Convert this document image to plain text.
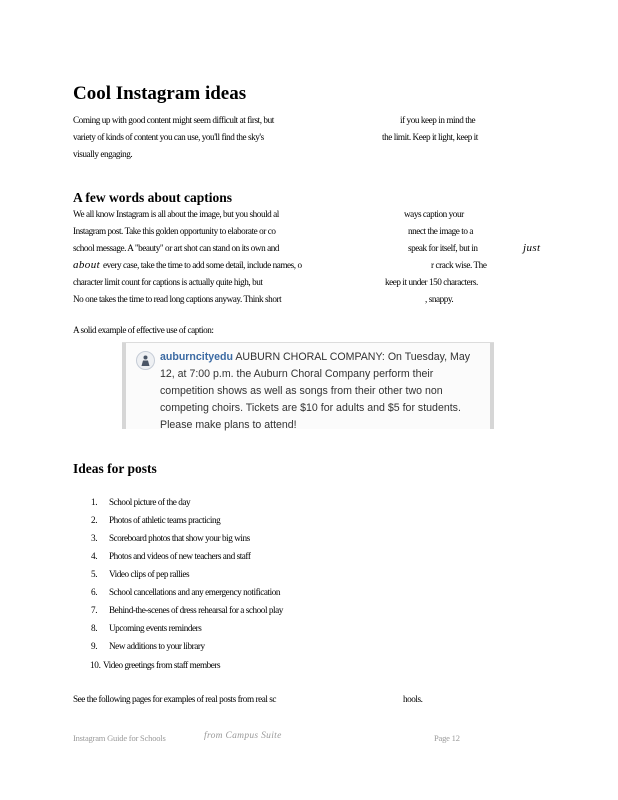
Cool Instagram ideas
Coming up with good content might seem difficult at first, but	if you keep in mind the
variety of kinds of content you can use, you'll find the sky's	the limit. Keep it light, keep it
visually engaging.
A few words about captions
We all know Instagram is all about the image, but you should al	ways caption your
Instagram post. Take this golden opportunity to elaborate or co	nnect the image to a
school message. A "beauty" or art shot can stand on its own and	speak for itself, but in	just
about every case, take the time to add some detail, include names, o	r crack wise. The
character limit count for captions is actually quite high, but	keep it under 150 characters.
No one takes the time to read long captions anyway. Think short	, snappy.
A solid example of effective use of caption:
auburncityedu AUBURN CHORAL COMPANY: On Tuesday, May 12, at 7:00 p.m. the Auburn Choral Company perform their competition shows as well as songs from their other two non competing choirs. Tickets are $10 for adults and $5 for students. Please make plans to attend!
Ideas for posts
1. School picture of the day
2. Photos of athletic teams practicing
3. Scoreboard photos that show your big wins
4. Photos and videos of new teachers and staff
5. Video clips of pep rallies
6. School cancellations and any emergency notification
7. Behind-the-scenes of dress rehearsal for a school play
8. Upcoming events reminders
9. New additions to your library
10. Video greetings from staff members
See the following pages for examples of real posts from real sc	hools.
Instagram Guide for Schools	from Campus Suite	Page 12
